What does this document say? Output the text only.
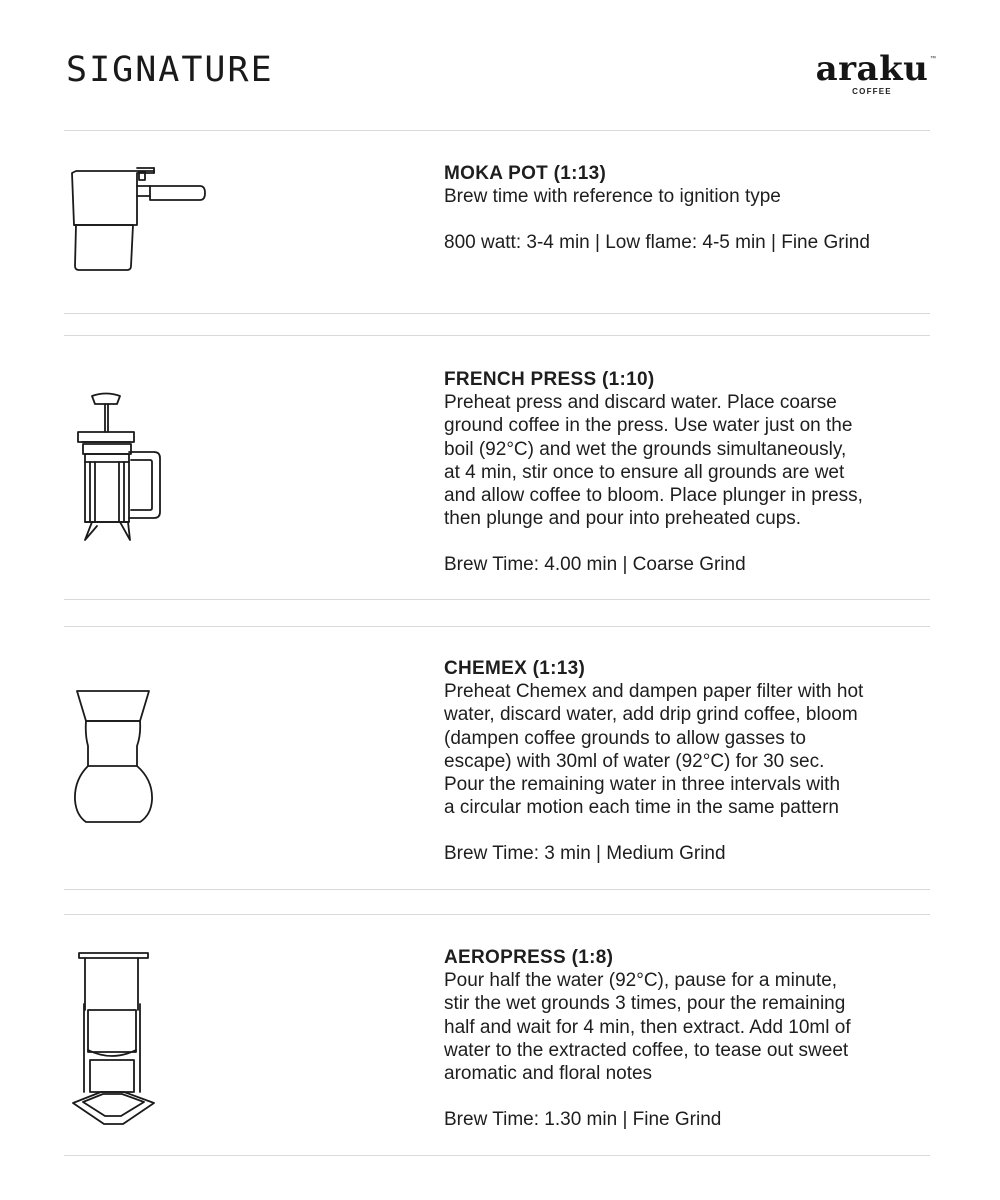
SIGNATURE	araku ™
COFFEE
MOKA POT (1:13)
Brew time with reference to ignition type
800 watt: 3-4 min | Low flame: 4-5 min | Fine Grind
FRENCH PRESS (1:10)
Preheat press and discard water. Place coarse
ground coffee in the press. Use water just on the
boil (92°C) and wet the grounds simultaneously,
at 4 min, stir once to ensure all grounds are wet
and allow coffee to bloom. Place plunger in press,
then plunge and pour into preheated cups.
Brew Time: 4.00 min | Coarse Grind
CHEMEX (1:13)
Preheat Chemex and dampen paper filter with hot
water, discard water, add drip grind coffee, bloom
(dampen coffee grounds to allow gasses to
escape) with 30ml of water (92°C) for 30 sec.
Pour the remaining water in three intervals with
a circular motion each time in the same pattern
Brew Time: 3 min | Medium Grind
AEROPRESS (1:8)
Pour half the water (92°C), pause for a minute,
stir the wet grounds 3 times, pour the remaining
half and wait for 4 min, then extract. Add 10ml of
water to the extracted coffee, to tease out sweet
aromatic and floral notes
Brew Time: 1.30 min | Fine Grind
